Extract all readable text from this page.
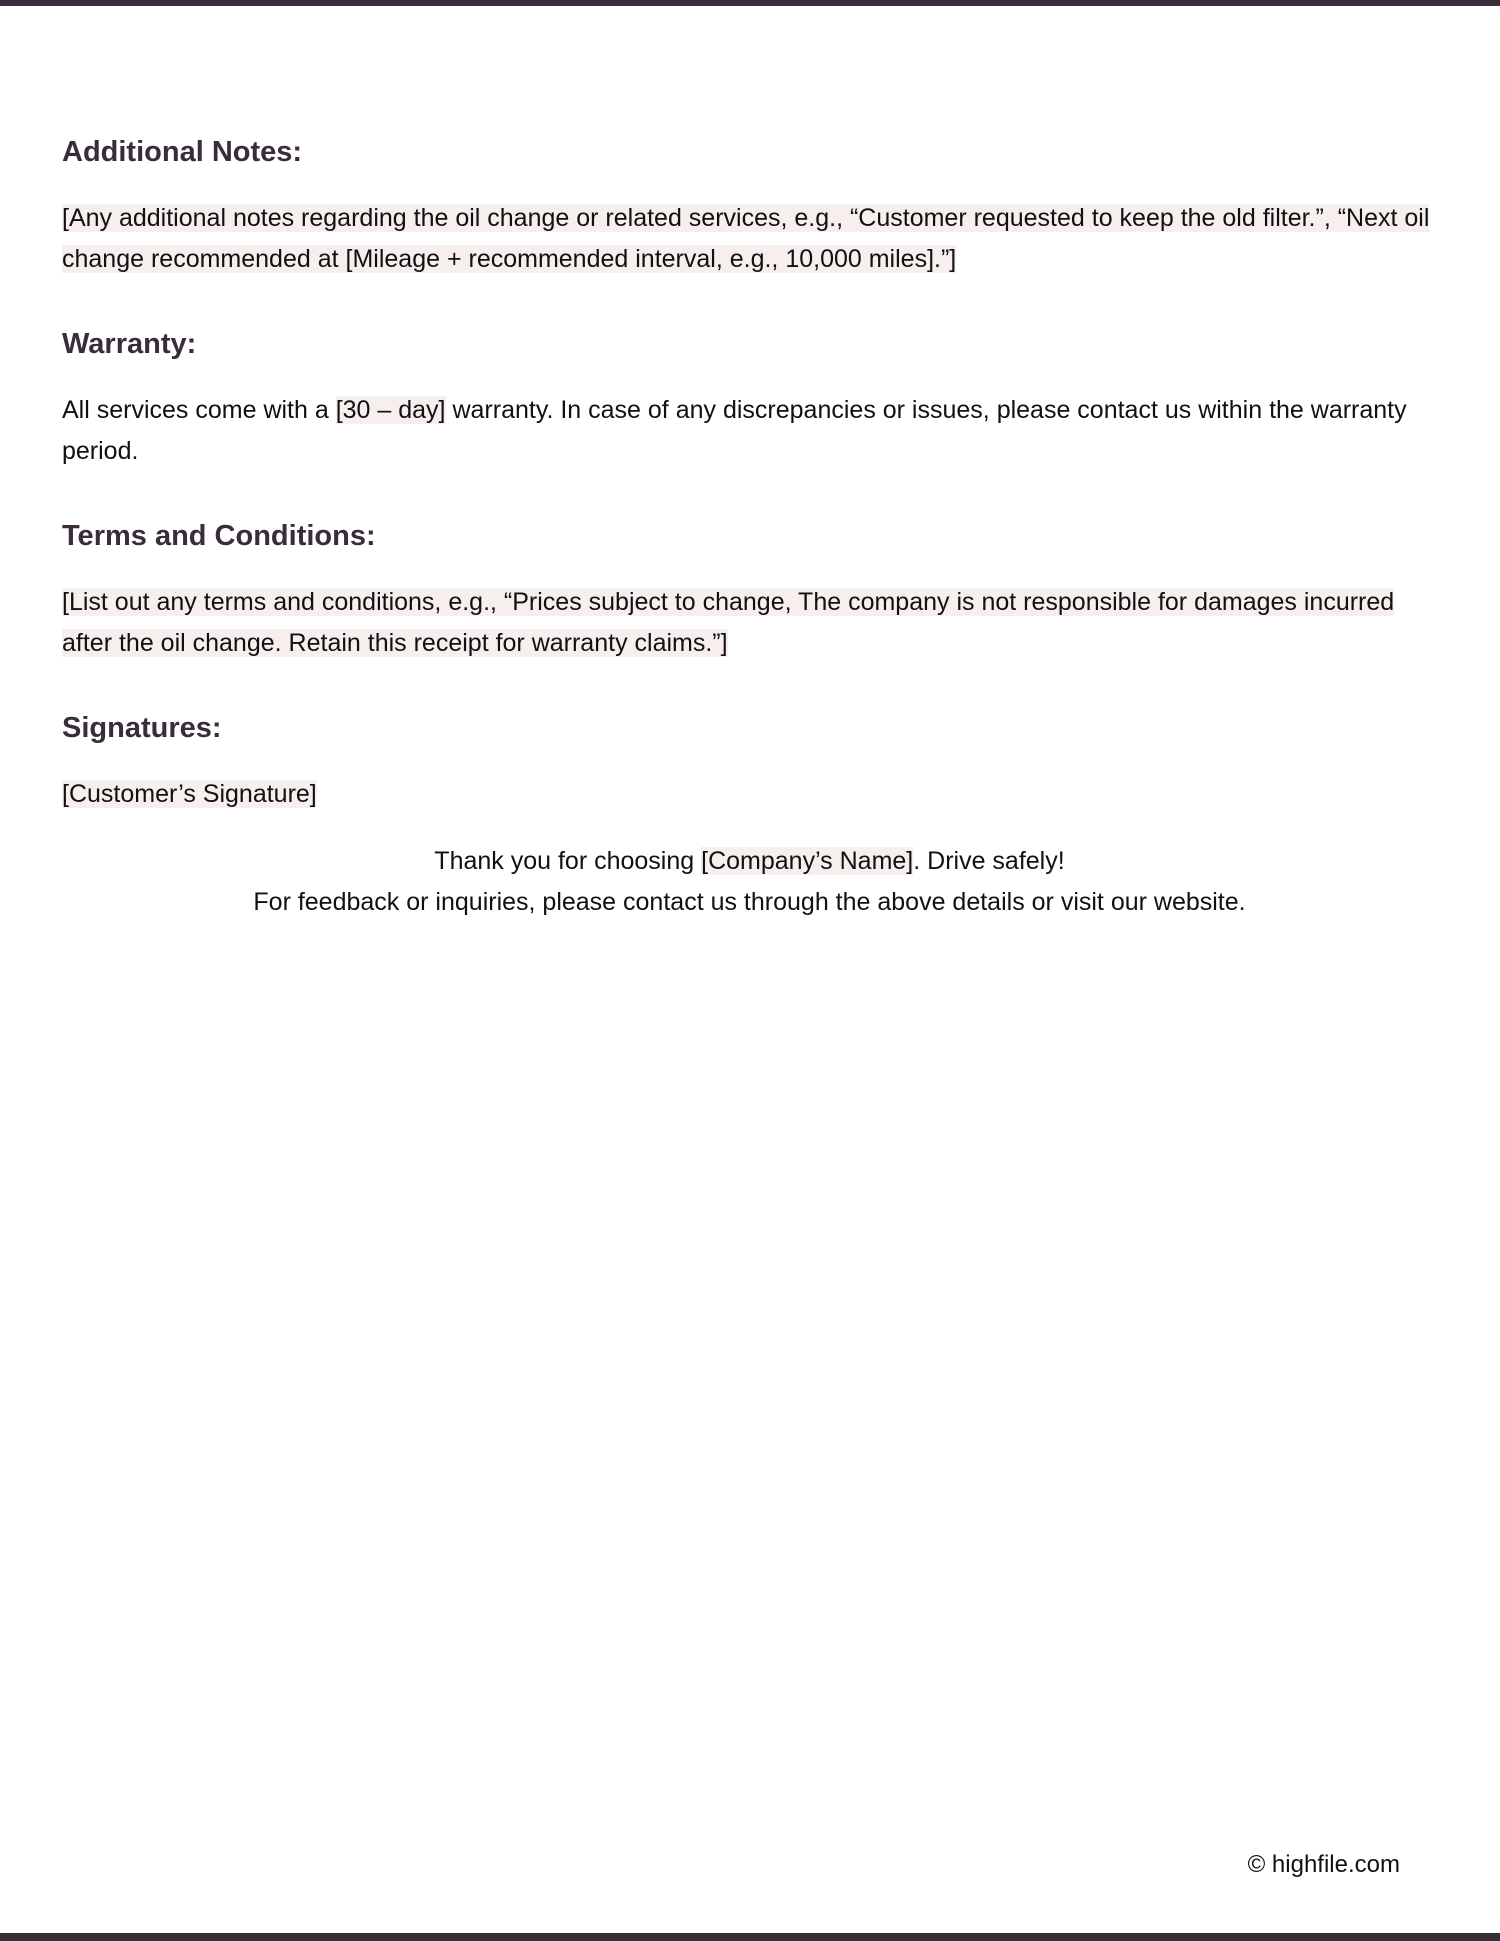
Additional Notes:

[Any additional notes regarding the oil change or related services, e.g., “Customer requested to keep the old filter.”, “Next oil change recommended at [Mileage + recommended interval, e.g., 10,000 miles].”]

Warranty:

All services come with a [30 – day] warranty. In case of any discrepancies or issues, please contact us within the warranty period.

Terms and Conditions:

[List out any terms and conditions, e.g., “Prices subject to change, The company is not responsible for damages incurred after the oil change. Retain this receipt for warranty claims.”]

Signatures:

[Customer’s Signature]

Thank you for choosing [Company’s Name]. Drive safely!
For feedback or inquiries, please contact us through the above details or visit our website.
© highfile.com
